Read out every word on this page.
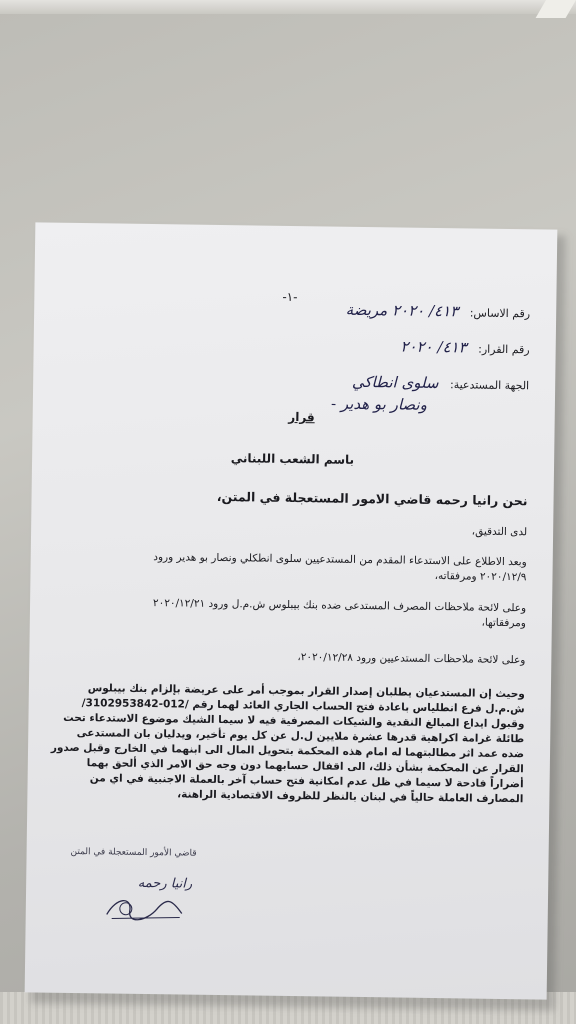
-١-
رقم الاساس: ٤١٣/ ٢٠٢٠ مريضة
رقم القرار: ٤١٣/ ٢٠٢٠
الجهة المستدعية: سلوى انطاكي
ونصار بو هدير -
قرار
باسم الشعب اللبناني
نحن رانيا رحمه قاضي الامور المستعجلة في المتن،
لدى التدقيق،
وبعد الاطلاع على الاستدعاء المقدم من المستدعيين سلوى انطكلي ونصار بو هدير ورود
٢٠٢٠/١٢/٩ ومرفقاته،
وعلى لائحة ملاحظات المصرف المستدعى ضده بنك بيبلوس ش.م.ل ورود ٢٠٢٠/١٢/٢١
ومرفقاتها،
وعلى لائحة ملاحظات المستدعيين ورود ٢٠٢٠/١٢/٢٨،
وحيث إن المستدعيان يطلبان إصدار القرار بموجب أمر على عريضة بإلزام بنك بيبلوس
ش.م.ل فرع انطلياس باعادة فتح الحساب الجاري العائد لهما رقم /012-3102953842/
وقبول ايداع المبالغ النقدية والشيكات المصرفية فيه لا سيما الشيك موضوع الاستدعاء تحت
طائلة غرامة اكراهية قدرها عشرة ملايين ل.ل عن كل يوم تأخير، ويدليان بان المستدعى
ضده عمد اثر مطالبتهما له امام هذه المحكمة بتحويل المال الى ابنهما في الخارج وقبل صدور
القرار عن المحكمة بشأن ذلك، الى اقفال حسابهما دون وجه حق الامر الذي ألحق بهما
أضراراً فادحة لا سيما في ظل عدم امكانية فتح حساب آخر بالعملة الاجنبية في اي من
المصارف العاملة حالياً في لبنان بالنظر للظروف الاقتصادية الراهنة،
قاضي الأمور المستعجلة في المتن
رانيا رحمه
